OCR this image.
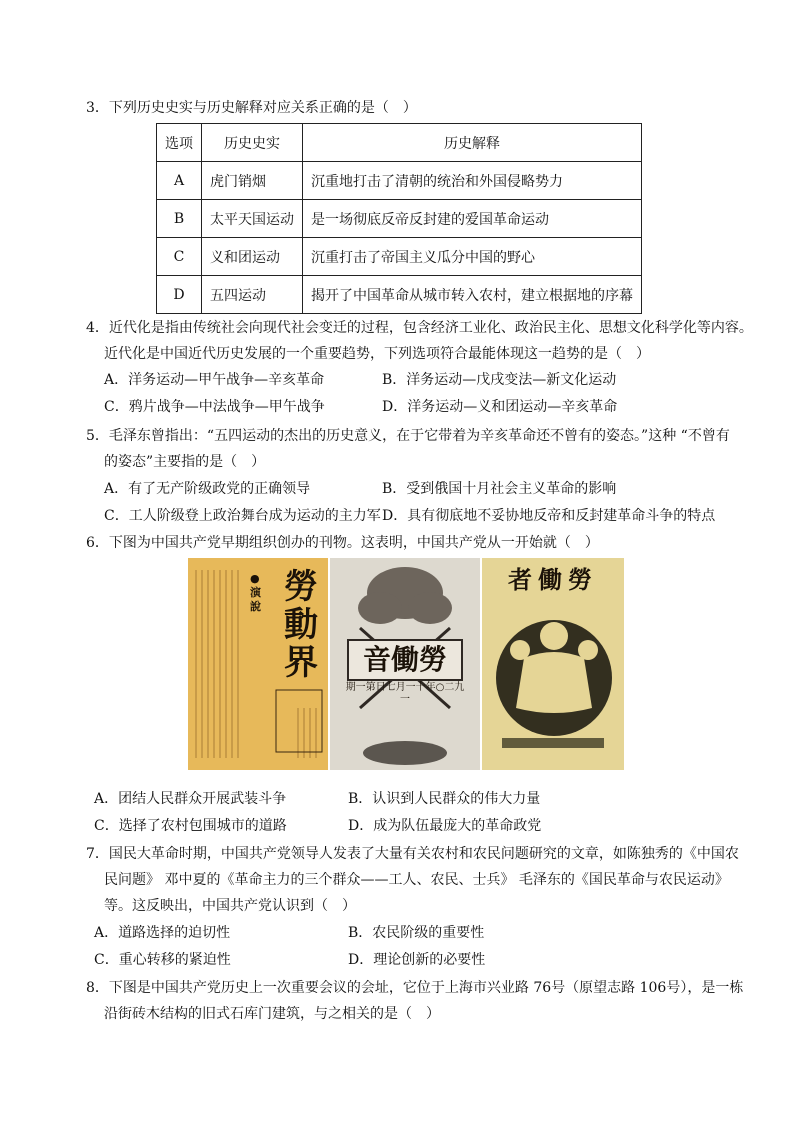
3．下列历史史实与历史解释对应关系正确的是（　）
选项	历史史实	历史解释
A	虎门销烟	沉重地打击了清朝的统治和外国侵略势力
B	太平天国运动	是一场彻底反帝反封建的爱国革命运动
C	义和团运动	沉重打击了帝国主义瓜分中国的野心
D	五四运动	揭开了中国革命从城市转入农村，建立根据地的序幕
4．近代化是指由传统社会向现代社会变迁的过程，包含经济工业化、政治民主化、思想文化科学化等内容。
近代化是中国近代历史发展的一个重要趋势，下列选项符合最能体现这一趋势的是（　）
A．洋务运动—甲午战争—辛亥革命	B．洋务运动—戊戌变法—新文化运动
C．鸦片战争—中法战争—甲午战争	D．洋务运动—义和团运动—辛亥革命
5．毛泽东曾指出：“五四运动的杰出的历史意义，在于它带着为辛亥革命还不曾有的姿态。”这种 “不曾有
的姿态”主要指的是（　）
A．有了无产阶级政党的正确领导	B．受到俄国十月社会主义革命的影响
C．工人阶级登上政治舞台成为运动的主力军 D．具有彻底地不妥协地反帝和反封建革命斗争的特点
6．下图为中国共产党早期组织创办的刊物。这表明，中国共产党从一开始就（　）
勞動界
●演說
音働勞
期一第日七月一十年○二九一
者働勞
A．团结人民群众开展武装斗争	B．认识到人民群众的伟大力量
C．选择了农村包围城市的道路	D．成为队伍最庞大的革命政党
7．国民大革命时期，中国共产党领导人发表了大量有关农村和农民问题研究的文章，如陈独秀的《中国农
民问题》 邓中夏的《革命主力的三个群众——工人、农民、士兵》 毛泽东的《国民革命与农民运动》
等。这反映出，中国共产党认识到（　）
A．道路选择的迫切性	B．农民阶级的重要性
C．重心转移的紧迫性	D．理论创新的必要性
8．下图是中国共产党历史上一次重要会议的会址，它位于上海市兴业路 76号（原望志路 106号），是一栋
沿街砖木结构的旧式石库门建筑，与之相关的是（　）
